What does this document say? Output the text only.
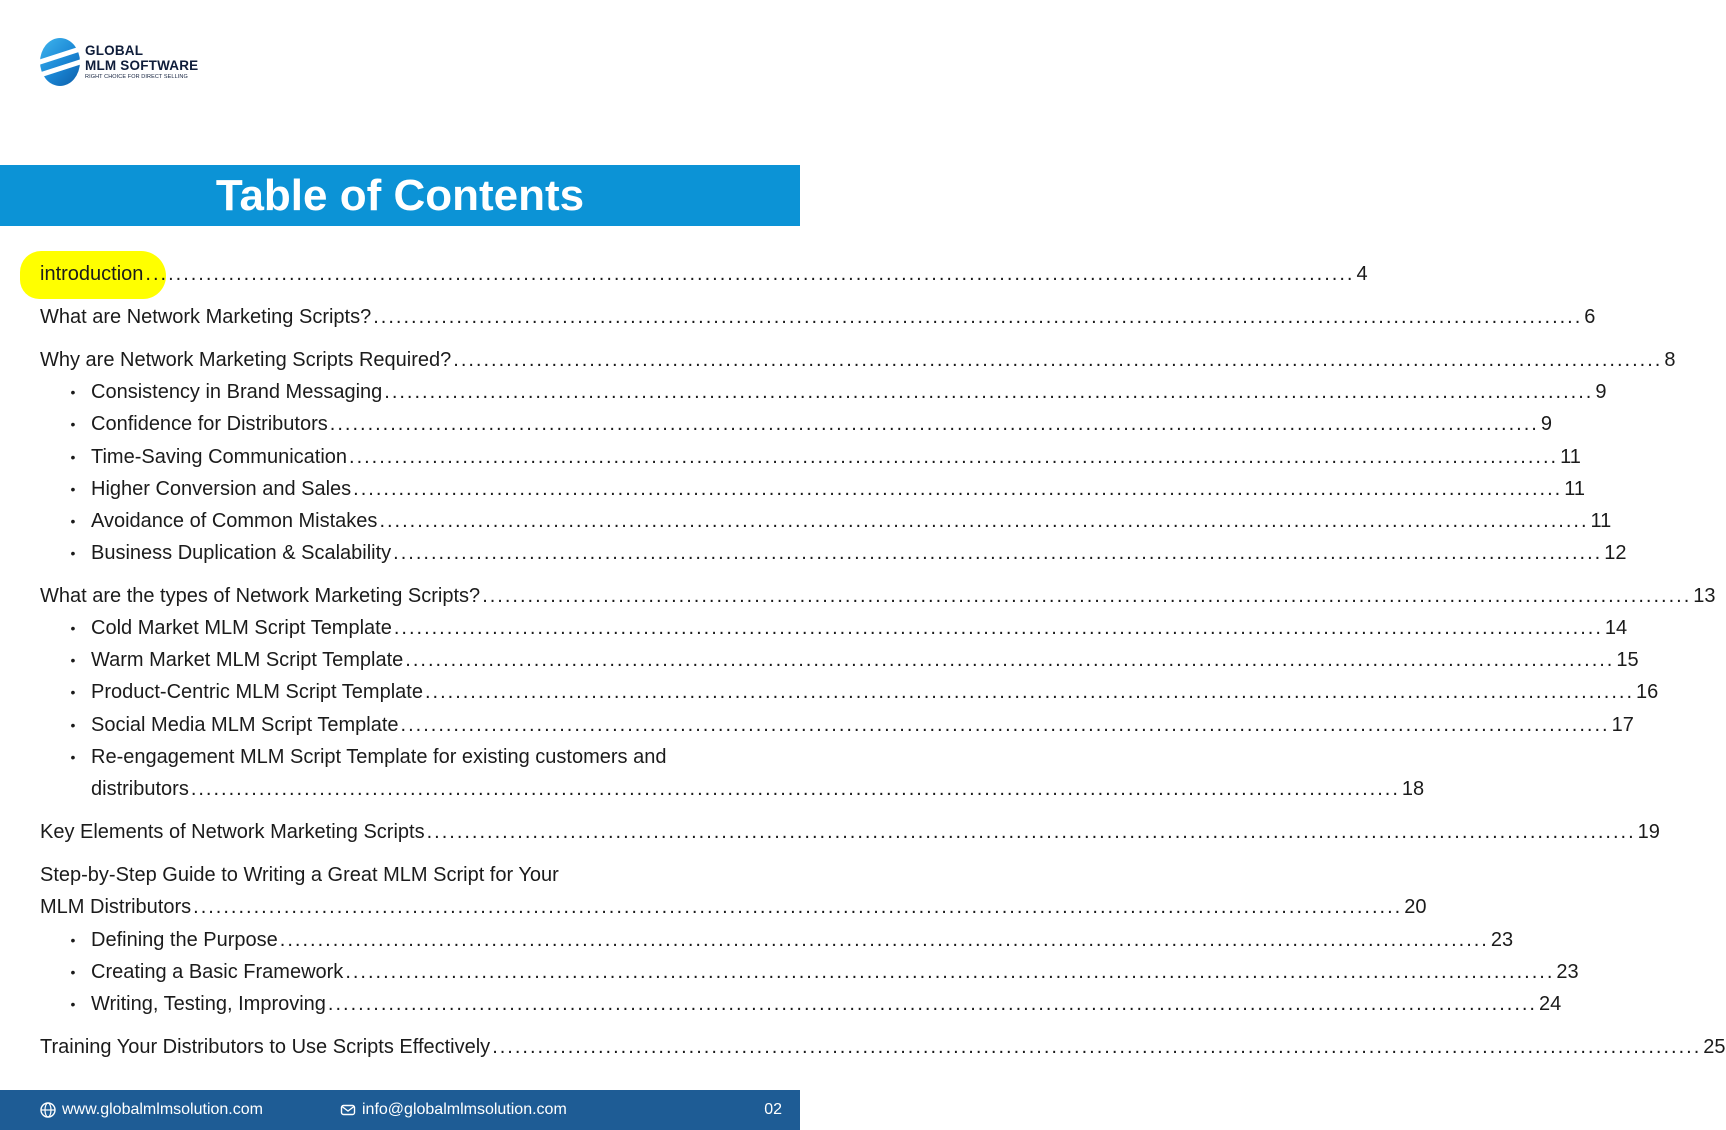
GLOBAL
MLM SOFTWARE
RIGHT CHOICE FOR DIRECT SELLING
Table of Contents
introduction ................................................................................................................................................................ 4
What are Network Marketing Scripts? ................................................................................................................................................................ 6
Why are Network Marketing Scripts Required? ................................................................................................................................................................ 8
• Consistency in Brand Messaging ................................................................................................................................................................ 9
• Confidence for Distributors ................................................................................................................................................................ 9
• Time-Saving Communication ................................................................................................................................................................ 11
• Higher Conversion and Sales ................................................................................................................................................................ 11
• Avoidance of Common Mistakes ................................................................................................................................................................ 11
• Business Duplication & Scalability ................................................................................................................................................................ 12
What are the types of Network Marketing Scripts? ................................................................................................................................................................ 13
• Cold Market MLM Script Template ................................................................................................................................................................ 14
• Warm Market MLM Script Template ................................................................................................................................................................ 15
• Product-Centric MLM Script Template ................................................................................................................................................................ 16
• Social Media MLM Script Template ................................................................................................................................................................ 17
• Re-engagement MLM Script Template for existing customers and
distributors ................................................................................................................................................................ 18
Key Elements of Network Marketing Scripts ................................................................................................................................................................ 19
Step-by-Step Guide to Writing a Great MLM Script for Your
MLM Distributors ................................................................................................................................................................ 20
• Defining the Purpose ................................................................................................................................................................ 23
• Creating a Basic Framework ................................................................................................................................................................ 23
• Writing, Testing, Improving ................................................................................................................................................................ 24
Training Your Distributors to Use Scripts Effectively ................................................................................................................................................................ 25
www.globalmlmsolution.com	info@globalmlmsolution.com	02
